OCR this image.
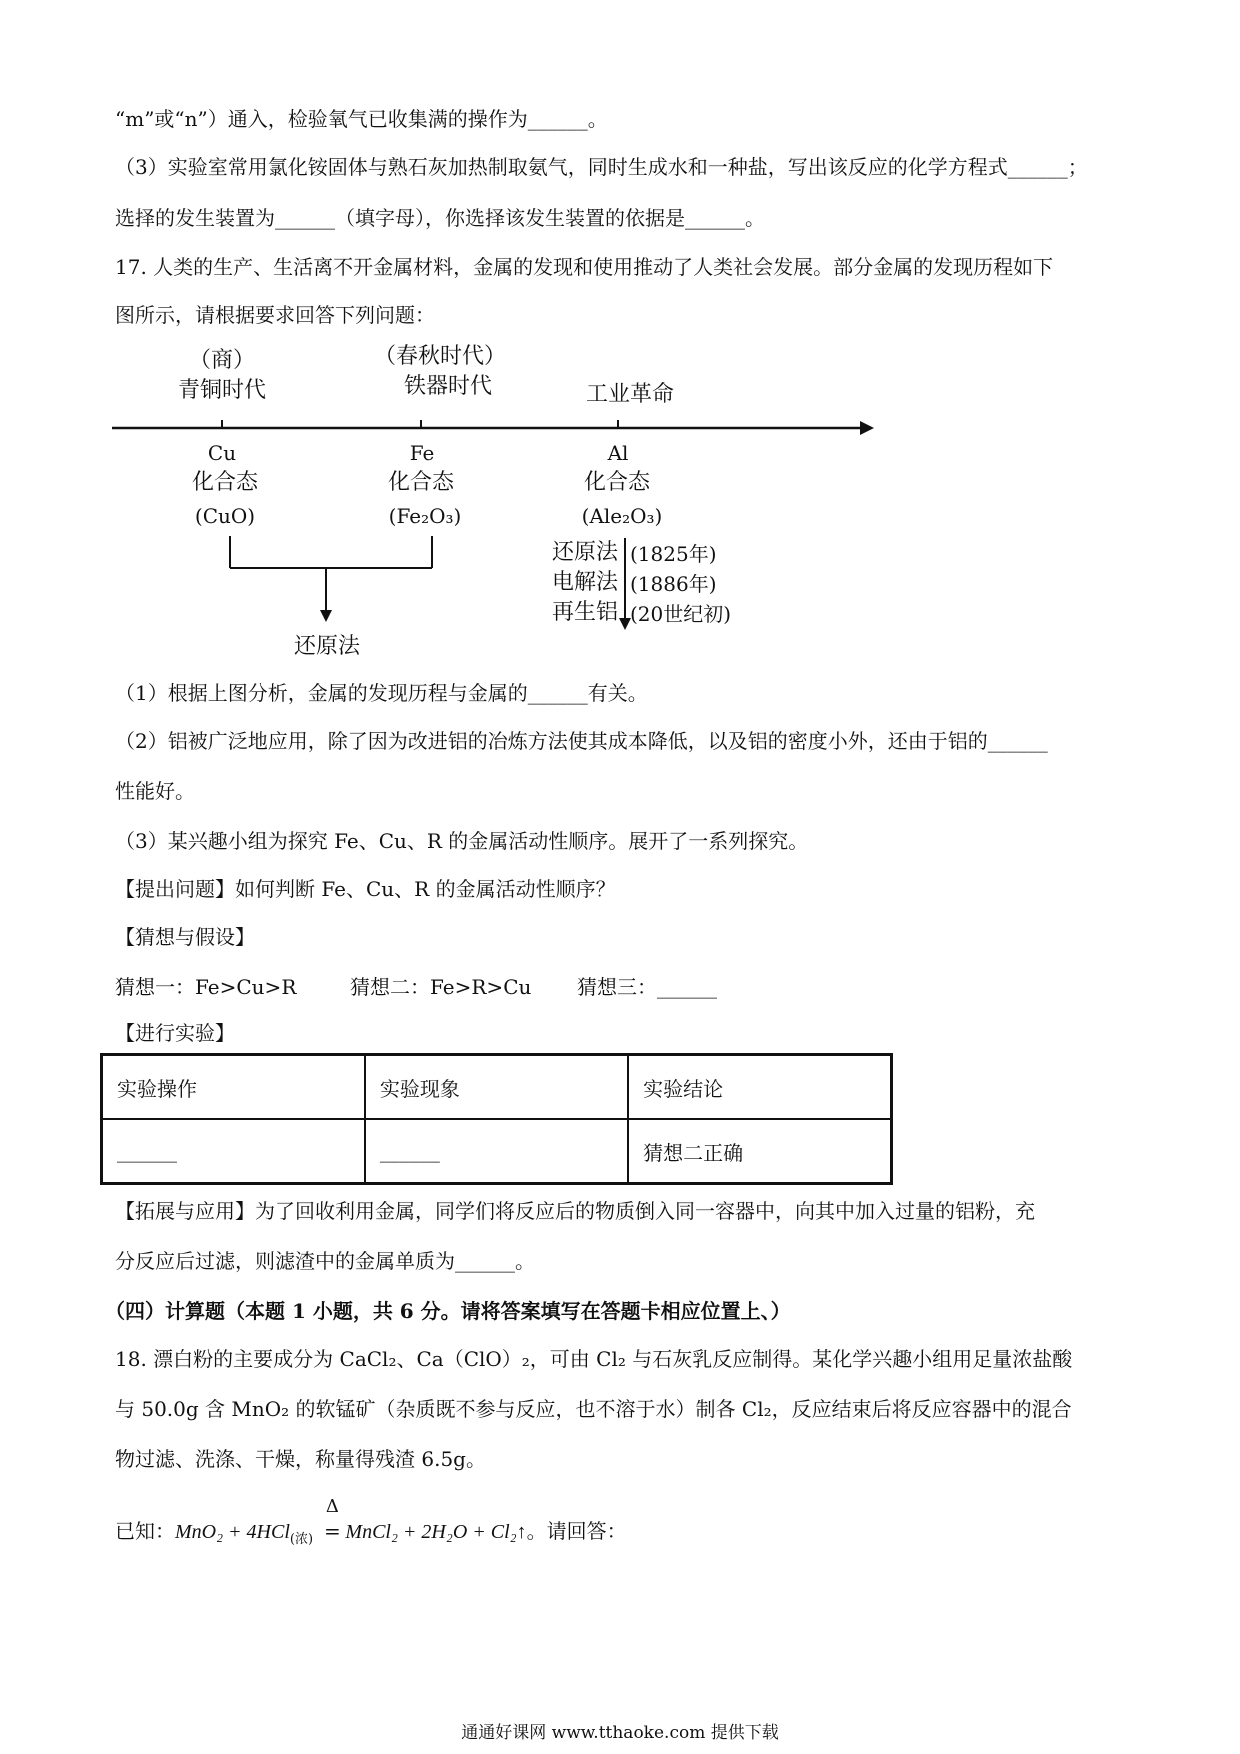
“m”或“n”）通入，检验氧气已收集满的操作为______。
（3）实验室常用氯化铵固体与熟石灰加热制取氨气，同时生成水和一种盐，写出该反应的化学方程式______；
选择的发生装置为______（填字母），你选择该发生装置的依据是______。
17. 人类的生产、生活离不开金属材料，金属的发现和使用推动了人类社会发展。部分金属的发现历程如下
图所示，请根据要求回答下列问题：
（商）
青铜时代
（春秋时代）
铁器时代	工业革命
Cu
化合态
(CuO)
Fe
化合态
(Fe₂O₃)
Al
化合态
(Ale₂O₃)
还原法
还原法 (1825年)
电解法 (1886年)
再生铝 (20世纪初)
（1）根据上图分析，金属的发现历程与金属的______有关。
（2）铝被广泛地应用，除了因为改进铝的冶炼方法使其成本降低，以及铝的密度小外，还由于铝的______
性能好。
（3）某兴趣小组为探究 Fe、Cu、R 的金属活动性顺序。展开了一系列探究。
【提出问题】如何判断 Fe、Cu、R 的金属活动性顺序？
【猜想与假设】
猜想一：Fe>Cu>R	猜想二：Fe>R>Cu 猜想三：______
【进行实验】
实验操作	实验现象	实验结论
______	______	猜想二正确
【拓展与应用】为了回收利用金属，同学们将反应后的物质倒入同一容器中，向其中加入过量的铝粉，充
分反应后过滤，则滤渣中的金属单质为______。
（四）计算题（本题 1 小题，共 6 分。请将答案填写在答题卡相应位置上、）
18. 漂白粉的主要成分为 CaCl₂、Ca（ClO）₂，可由 Cl₂ 与石灰乳反应制得。某化学兴趣小组用足量浓盐酸
与 50.0g 含 MnO₂ 的软锰矿（杂质既不参与反应，也不溶于水）制各 Cl₂，反应结束后将反应容器中的混合
物过滤、洗涤、干燥，称量得残渣 6.5g。
已知：MnO₂ + 4HCl$_{(浓)}$
Δ
= MnCl₂ + 2H₂O + Cl₂↑。请回答：
通通好课网 www.tthaoke.com 提供下载
